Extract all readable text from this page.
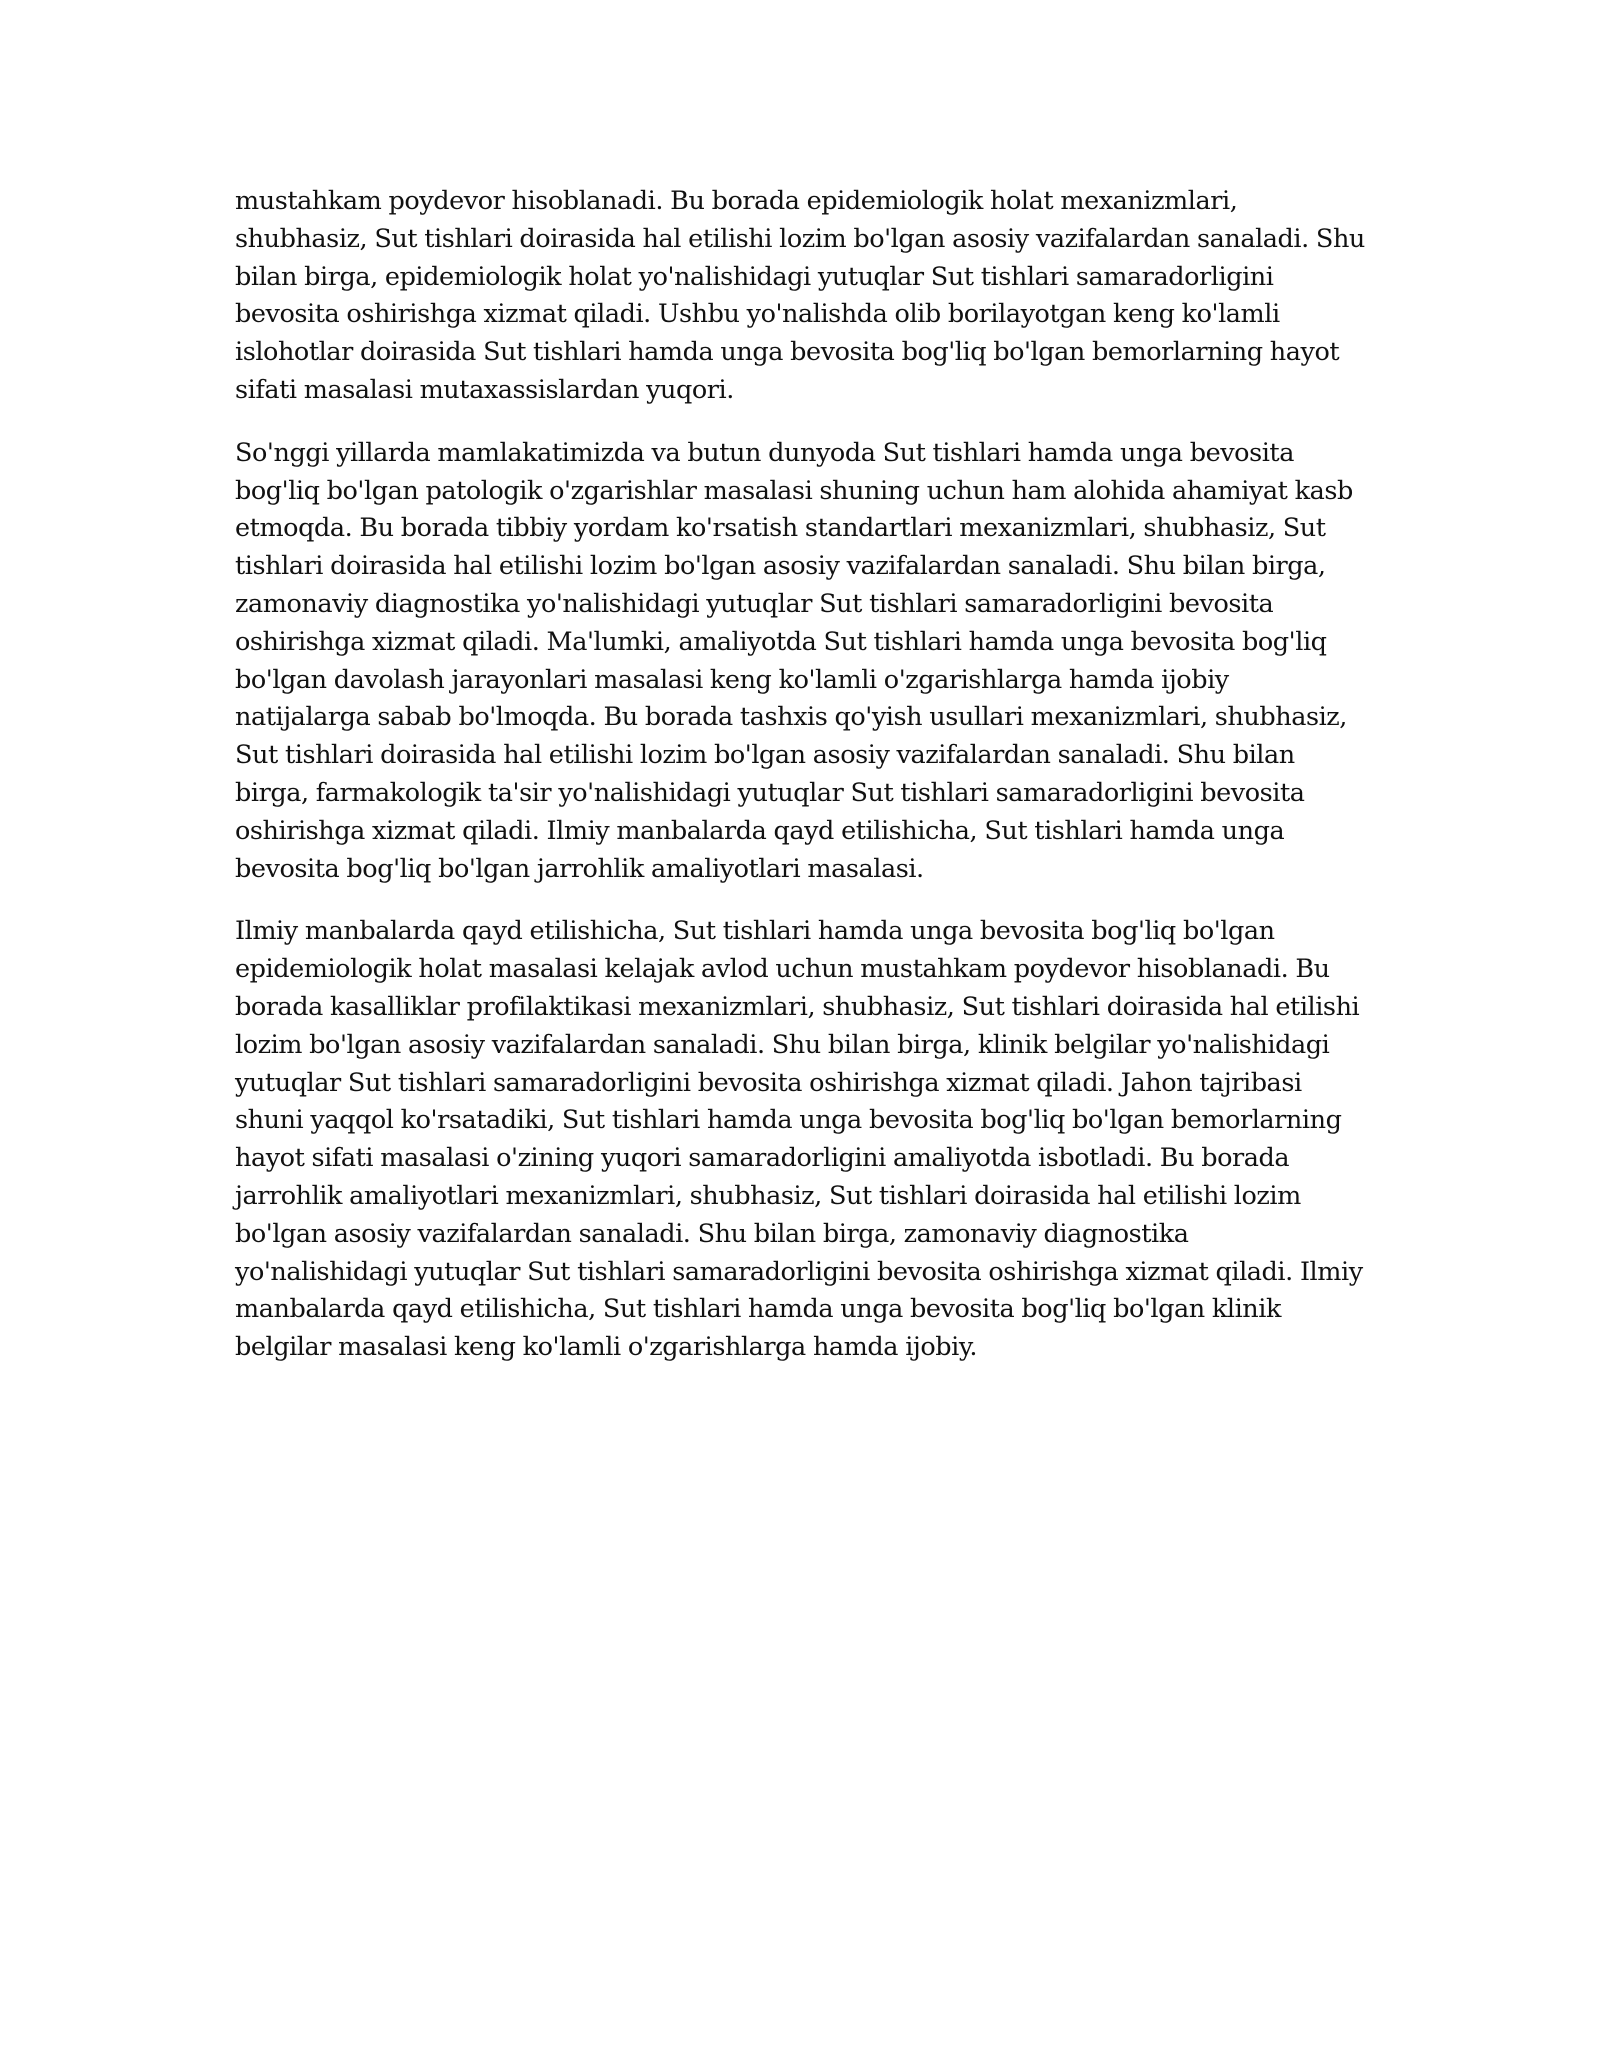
mustahkam poydevor hisoblanadi. Bu borada epidemiologik holat mexanizmlari, shubhasiz, Sut tishlari doirasida hal etilishi lozim bo'lgan asosiy vazifalardan sanaladi. Shu bilan birga, epidemiologik holat yo'nalishidagi yutuqlar Sut tishlari samaradorligini bevosita oshirishga xizmat qiladi. Ushbu yo'nalishda olib borilayotgan keng ko'lamli islohotlar doirasida Sut tishlari hamda unga bevosita bog'liq bo'lgan bemorlarning hayot sifati masalasi mutaxassislardan yuqori.

So'nggi yillarda mamlakatimizda va butun dunyoda Sut tishlari hamda unga bevosita bog'liq bo'lgan patologik o'zgarishlar masalasi shuning uchun ham alohida ahamiyat kasb etmoqda. Bu borada tibbiy yordam ko'rsatish standartlari mexanizmlari, shubhasiz, Sut tishlari doirasida hal etilishi lozim bo'lgan asosiy vazifalardan sanaladi. Shu bilan birga, zamonaviy diagnostika yo'nalishidagi yutuqlar Sut tishlari samaradorligini bevosita oshirishga xizmat qiladi. Ma'lumki, amaliyotda Sut tishlari hamda unga bevosita bog'liq bo'lgan davolash jarayonlari masalasi keng ko'lamli o'zgarishlarga hamda ijobiy natijalarga sabab bo'lmoqda. Bu borada tashxis qo'yish usullari mexanizmlari, shubhasiz, Sut tishlari doirasida hal etilishi lozim bo'lgan asosiy vazifalardan sanaladi. Shu bilan birga, farmakologik ta'sir yo'nalishidagi yutuqlar Sut tishlari samaradorligini bevosita oshirishga xizmat qiladi. Ilmiy manbalarda qayd etilishicha, Sut tishlari hamda unga bevosita bog'liq bo'lgan jarrohlik amaliyotlari masalasi.

Ilmiy manbalarda qayd etilishicha, Sut tishlari hamda unga bevosita bog'liq bo'lgan epidemiologik holat masalasi kelajak avlod uchun mustahkam poydevor hisoblanadi. Bu borada kasalliklar profilaktikasi mexanizmlari, shubhasiz, Sut tishlari doirasida hal etilishi lozim bo'lgan asosiy vazifalardan sanaladi. Shu bilan birga, klinik belgilar yo'nalishidagi yutuqlar Sut tishlari samaradorligini bevosita oshirishga xizmat qiladi. Jahon tajribasi shuni yaqqol ko'rsatadiki, Sut tishlari hamda unga bevosita bog'liq bo'lgan bemorlarning hayot sifati masalasi o'zining yuqori samaradorligini amaliyotda isbotladi. Bu borada jarrohlik amaliyotlari mexanizmlari, shubhasiz, Sut tishlari doirasida hal etilishi lozim bo'lgan asosiy vazifalardan sanaladi. Shu bilan birga, zamonaviy diagnostika yo'nalishidagi yutuqlar Sut tishlari samaradorligini bevosita oshirishga xizmat qiladi. Ilmiy manbalarda qayd etilishicha, Sut tishlari hamda unga bevosita bog'liq bo'lgan klinik belgilar masalasi keng ko'lamli o'zgarishlarga hamda ijobiy.
